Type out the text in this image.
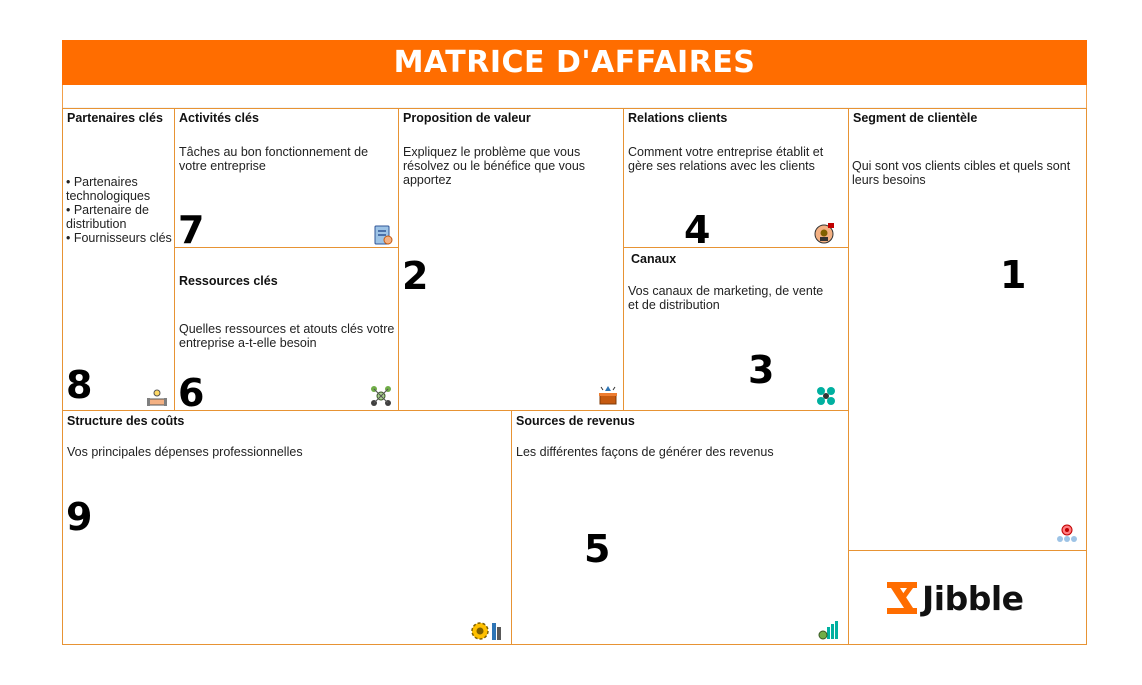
MATRICE D'AFFAIRES
Partenaires clés
• Partenaires technologiques
• Partenaire de distribution
• Fournisseurs clés
8
Activités clés
Tâches au bon fonctionnement de votre entreprise
7
Ressources clés
Quelles ressources et atouts clés votre entreprise a-t-elle besoin
6
Proposition de valeur
Expliquez le problème que vous résolvez ou le bénéfice que vous apportez
2
Relations clients
Comment votre entreprise établit et gère ses relations avec les clients
4
Canaux
Vos canaux de marketing, de vente et de distribution
3
Segment de clientèle
Qui sont vos clients cibles et quels sont leurs besoins
1
Structure des coûts
Vos principales dépenses professionnelles
9
Sources de revenus
Les différentes façons de générer des revenus
5
Jibble
